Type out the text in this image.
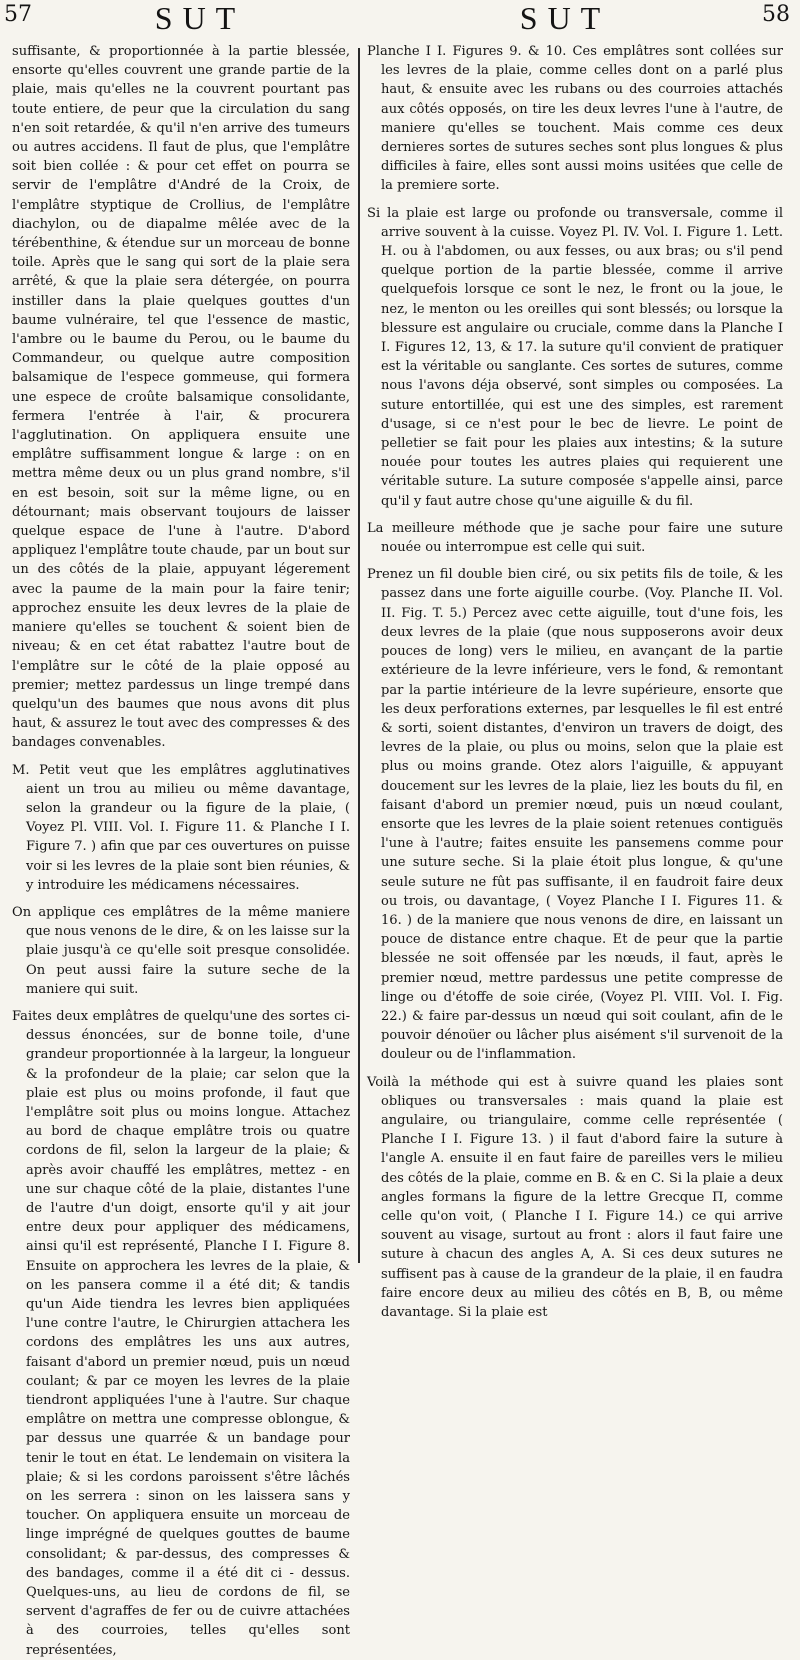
57	SUT	SUT	58

suffisante, & proportionnée à la partie blessée, ensorte qu'elles couvrent une grande partie de la plaie, mais qu'elles ne la couvrent pourtant pas toute entiere, de peur que la circulation du sang n'en soit retardée, & qu'il n'en arrive des tumeurs ou autres accidens. Il faut de plus, que l'emplâtre soit bien collée : & pour cet effet on pourra se servir de l'emplâtre d'André de la Croix, de l'emplâtre styptique de Crollius, de l'emplâtre diachylon, ou de diapalme mêlée avec de la térébenthine, & étendue sur un morceau de bonne toile. Après que le sang qui sort de la plaie sera arrêté, & que la plaie sera détergée, on pourra instiller dans la plaie quelques gouttes d'un baume vulnéraire, tel que l'essence de mastic, l'ambre ou le baume du Perou, ou le baume du Commandeur, ou quelque autre composition balsamique de l'espece gommeuse, qui formera une espece de croûte balsamique consolidante, fermera l'entrée à l'air, & procurera l'agglutination. On appliquera ensuite une emplâtre suffisamment longue & large : on en mettra même deux ou un plus grand nombre, s'il en est besoin, soit sur la même ligne, ou en détournant; mais observant toujours de laisser quelque espace de l'une à l'autre. D'abord appliquez l'emplâtre toute chaude, par un bout sur un des côtés de la plaie, appuyant légerement avec la paume de la main pour la faire tenir; approchez ensuite les deux levres de la plaie de maniere qu'elles se touchent & soient bien de niveau; & en cet état rabattez l'autre bout de l'emplâtre sur le côté de la plaie opposé au premier; mettez pardessus un linge trempé dans quelqu'un des baumes que nous avons dit plus haut, & assurez le tout avec des compresses & des bandages convenables.

M. Petit veut que les emplâtres agglutinatives aient un trou au milieu ou même davantage, selon la grandeur ou la figure de la plaie, ( Voyez Pl. VIII. Vol. I. Figure 11. & Planche I I. Figure 7. ) afin que par ces ouvertures on puisse voir si les levres de la plaie sont bien réunies, & y introduire les médicamens nécessaires.

On applique ces emplâtres de la même maniere que nous venons de le dire, & on les laisse sur la plaie jusqu'à ce qu'elle soit presque consolidée. On peut aussi faire la suture seche de la maniere qui suit.

Faites deux emplâtres de quelqu'une des sortes ci-dessus énoncées, sur de bonne toile, d'une grandeur proportionnée à la largeur, la longueur & la profondeur de la plaie; car selon que la plaie est plus ou moins profonde, il faut que l'emplâtre soit plus ou moins longue. Attachez au bord de chaque emplâtre trois ou quatre cordons de fil, selon la largeur de la plaie; & après avoir chauffé les emplâtres, mettez - en une sur chaque côté de la plaie, distantes l'une de l'autre d'un doigt, ensorte qu'il y ait jour entre deux pour appliquer des médicamens, ainsi qu'il est représenté, Planche I I. Figure 8. Ensuite on approchera les levres de la plaie, & on les pansera comme il a été dit; & tandis qu'un Aide tiendra les levres bien appliquées l'une contre l'autre, le Chirurgien attachera les cordons des emplâtres les uns aux autres, faisant d'abord un premier nœud, puis un nœud coulant; & par ce moyen les levres de la plaie tiendront appliquées l'une à l'autre. Sur chaque emplâtre on mettra une compresse oblongue, & par dessus une quarrée & un bandage pour tenir le tout en état. Le lendemain on visitera la plaie; & si les cordons paroissent s'être lâchés on les serrera : sinon on les laissera sans y toucher. On appliquera ensuite un morceau de linge imprégné de quelques gouttes de baume consolidant; & par-dessus, des compresses & des bandages, comme il a été dit ci - dessus. Quelques-uns, au lieu de cordons de fil, se servent d'agraffes de fer ou de cuivre attachées à des courroies, telles qu'elles sont représentées,

Planche I I. Figures 9. & 10. Ces emplâtres sont collées sur les levres de la plaie, comme celles dont on a parlé plus haut, & ensuite avec les rubans ou des courroies attachés aux côtés opposés, on tire les deux levres l'une à l'autre, de maniere qu'elles se touchent. Mais comme ces deux dernieres sortes de sutures seches sont plus longues & plus difficiles à faire, elles sont aussi moins usitées que celle de la premiere sorte.

Si la plaie est large ou profonde ou transversale, comme il arrive souvent à la cuisse. Voyez Pl. IV. Vol. I. Figure 1. Lett. H. ou à l'abdomen, ou aux fesses, ou aux bras; ou s'il pend quelque portion de la partie blessée, comme il arrive quelquefois lorsque ce sont le nez, le front ou la joue, le nez, le menton ou les oreilles qui sont blessés; ou lorsque la blessure est angulaire ou cruciale, comme dans la Planche I I. Figures 12, 13, & 17. la suture qu'il convient de pratiquer est la véritable ou sanglante. Ces sortes de sutures, comme nous l'avons déja observé, sont simples ou composées. La suture entortillée, qui est une des simples, est rarement d'usage, si ce n'est pour le bec de lievre. Le point de pelletier se fait pour les plaies aux intestins; & la suture nouée pour toutes les autres plaies qui requierent une véritable suture. La suture composée s'appelle ainsi, parce qu'il y faut autre chose qu'une aiguille & du fil.

La meilleure méthode que je sache pour faire une suture nouée ou interrompue est celle qui suit.

Prenez un fil double bien ciré, ou six petits fils de toile, & les passez dans une forte aiguille courbe. (Voy. Planche II. Vol. II. Fig. T. 5.) Percez avec cette aiguille, tout d'une fois, les deux levres de la plaie (que nous supposerons avoir deux pouces de long) vers le milieu, en avançant de la partie extérieure de la levre inférieure, vers le fond, & remontant par la partie intérieure de la levre supérieure, ensorte que les deux perforations externes, par lesquelles le fil est entré & sorti, soient distantes, d'environ un travers de doigt, des levres de la plaie, ou plus ou moins, selon que la plaie est plus ou moins grande. Otez alors l'aiguille, & appuyant doucement sur les levres de la plaie, liez les bouts du fil, en faisant d'abord un premier nœud, puis un nœud coulant, ensorte que les levres de la plaie soient retenues contiguës l'une à l'autre; faites ensuite les pansemens comme pour une suture seche. Si la plaie étoit plus longue, & qu'une seule suture ne fût pas suffisante, il en faudroit faire deux ou trois, ou davantage, ( Voyez Planche I I. Figures 11. & 16. ) de la maniere que nous venons de dire, en laissant un pouce de distance entre chaque. Et de peur que la partie blessée ne soit offensée par les nœuds, il faut, après le premier nœud, mettre pardessus une petite compresse de linge ou d'étoffe de soie cirée, (Voyez Pl. VIII. Vol. I. Fig. 22.) & faire par-dessus un nœud qui soit coulant, afin de le pouvoir dénoüer ou lâcher plus aisément s'il survenoit de la douleur ou de l'inflammation.

Voilà la méthode qui est à suivre quand les plaies sont obliques ou transversales : mais quand la plaie est angulaire, ou triangulaire, comme celle représentée ( Planche I I. Figure 13. ) il faut d'abord faire la suture à l'angle A. ensuite il en faut faire de pareilles vers le milieu des côtés de la plaie, comme en B. & en C. Si la plaie a deux angles formans la figure de la lettre Grecque Π, comme celle qu'on voit, ( Planche I I. Figure 14.) ce qui arrive souvent au visage, surtout au front : alors il faut faire une suture à chacun des angles A, A. Si ces deux sutures ne suffisent pas à cause de la grandeur de la plaie, il en faudra faire encore deux au milieu des côtés en B, B, ou même davantage. Si la plaie est
